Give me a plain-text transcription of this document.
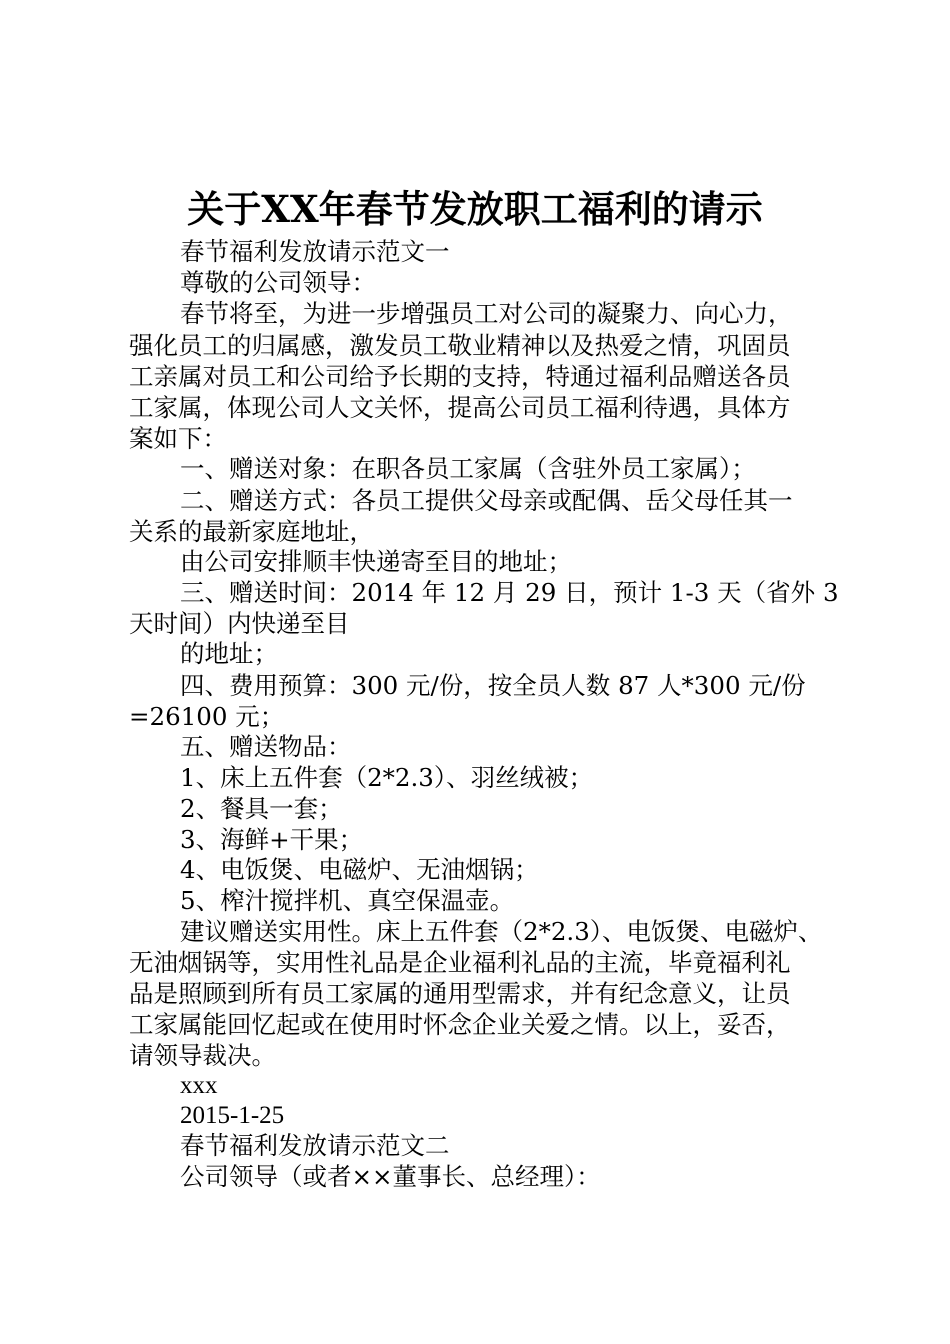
关于XX年春节发放职工福利的请示
春节福利发放请示范文一
尊敬的公司领导：
春节将至，为进一步增强员工对公司的凝聚力、向心力，
强化员工的归属感，激发员工敬业精神以及热爱之情，巩固员
工亲属对员工和公司给予长期的支持，特通过福利品赠送各员
工家属，体现公司人文关怀，提高公司员工福利待遇，具体方
案如下：
一、赠送对象：在职各员工家属（含驻外员工家属）；
二、赠送方式：各员工提供父母亲或配偶、岳父母任其一
关系的最新家庭地址，
由公司安排顺丰快递寄至目的地址；
三、赠送时间：2014 年 12 月 29 日，预计 1-3 天（省外 3
天时间）内快递至目
的地址；
四、费用预算：300 元/份，按全员人数 87 人*300 元/份
=26100 元；
五、赠送物品：
1、床上五件套（2*2.3）、羽丝绒被；
2、餐具一套；
3、海鲜+干果；
4、电饭煲、电磁炉、无油烟锅；
5、榨汁搅拌机、真空保温壶。
建议赠送实用性。床上五件套（2*2.3）、电饭煲、电磁炉、
无油烟锅等，实用性礼品是企业福利礼品的主流，毕竟福利礼
品是照顾到所有员工家属的通用型需求，并有纪念意义，让员
工家属能回忆起或在使用时怀念企业关爱之情。以上，妥否，
请领导裁决。
xxx
2015-1-25
春节福利发放请示范文二
公司领导（或者××董事长、总经理）：
